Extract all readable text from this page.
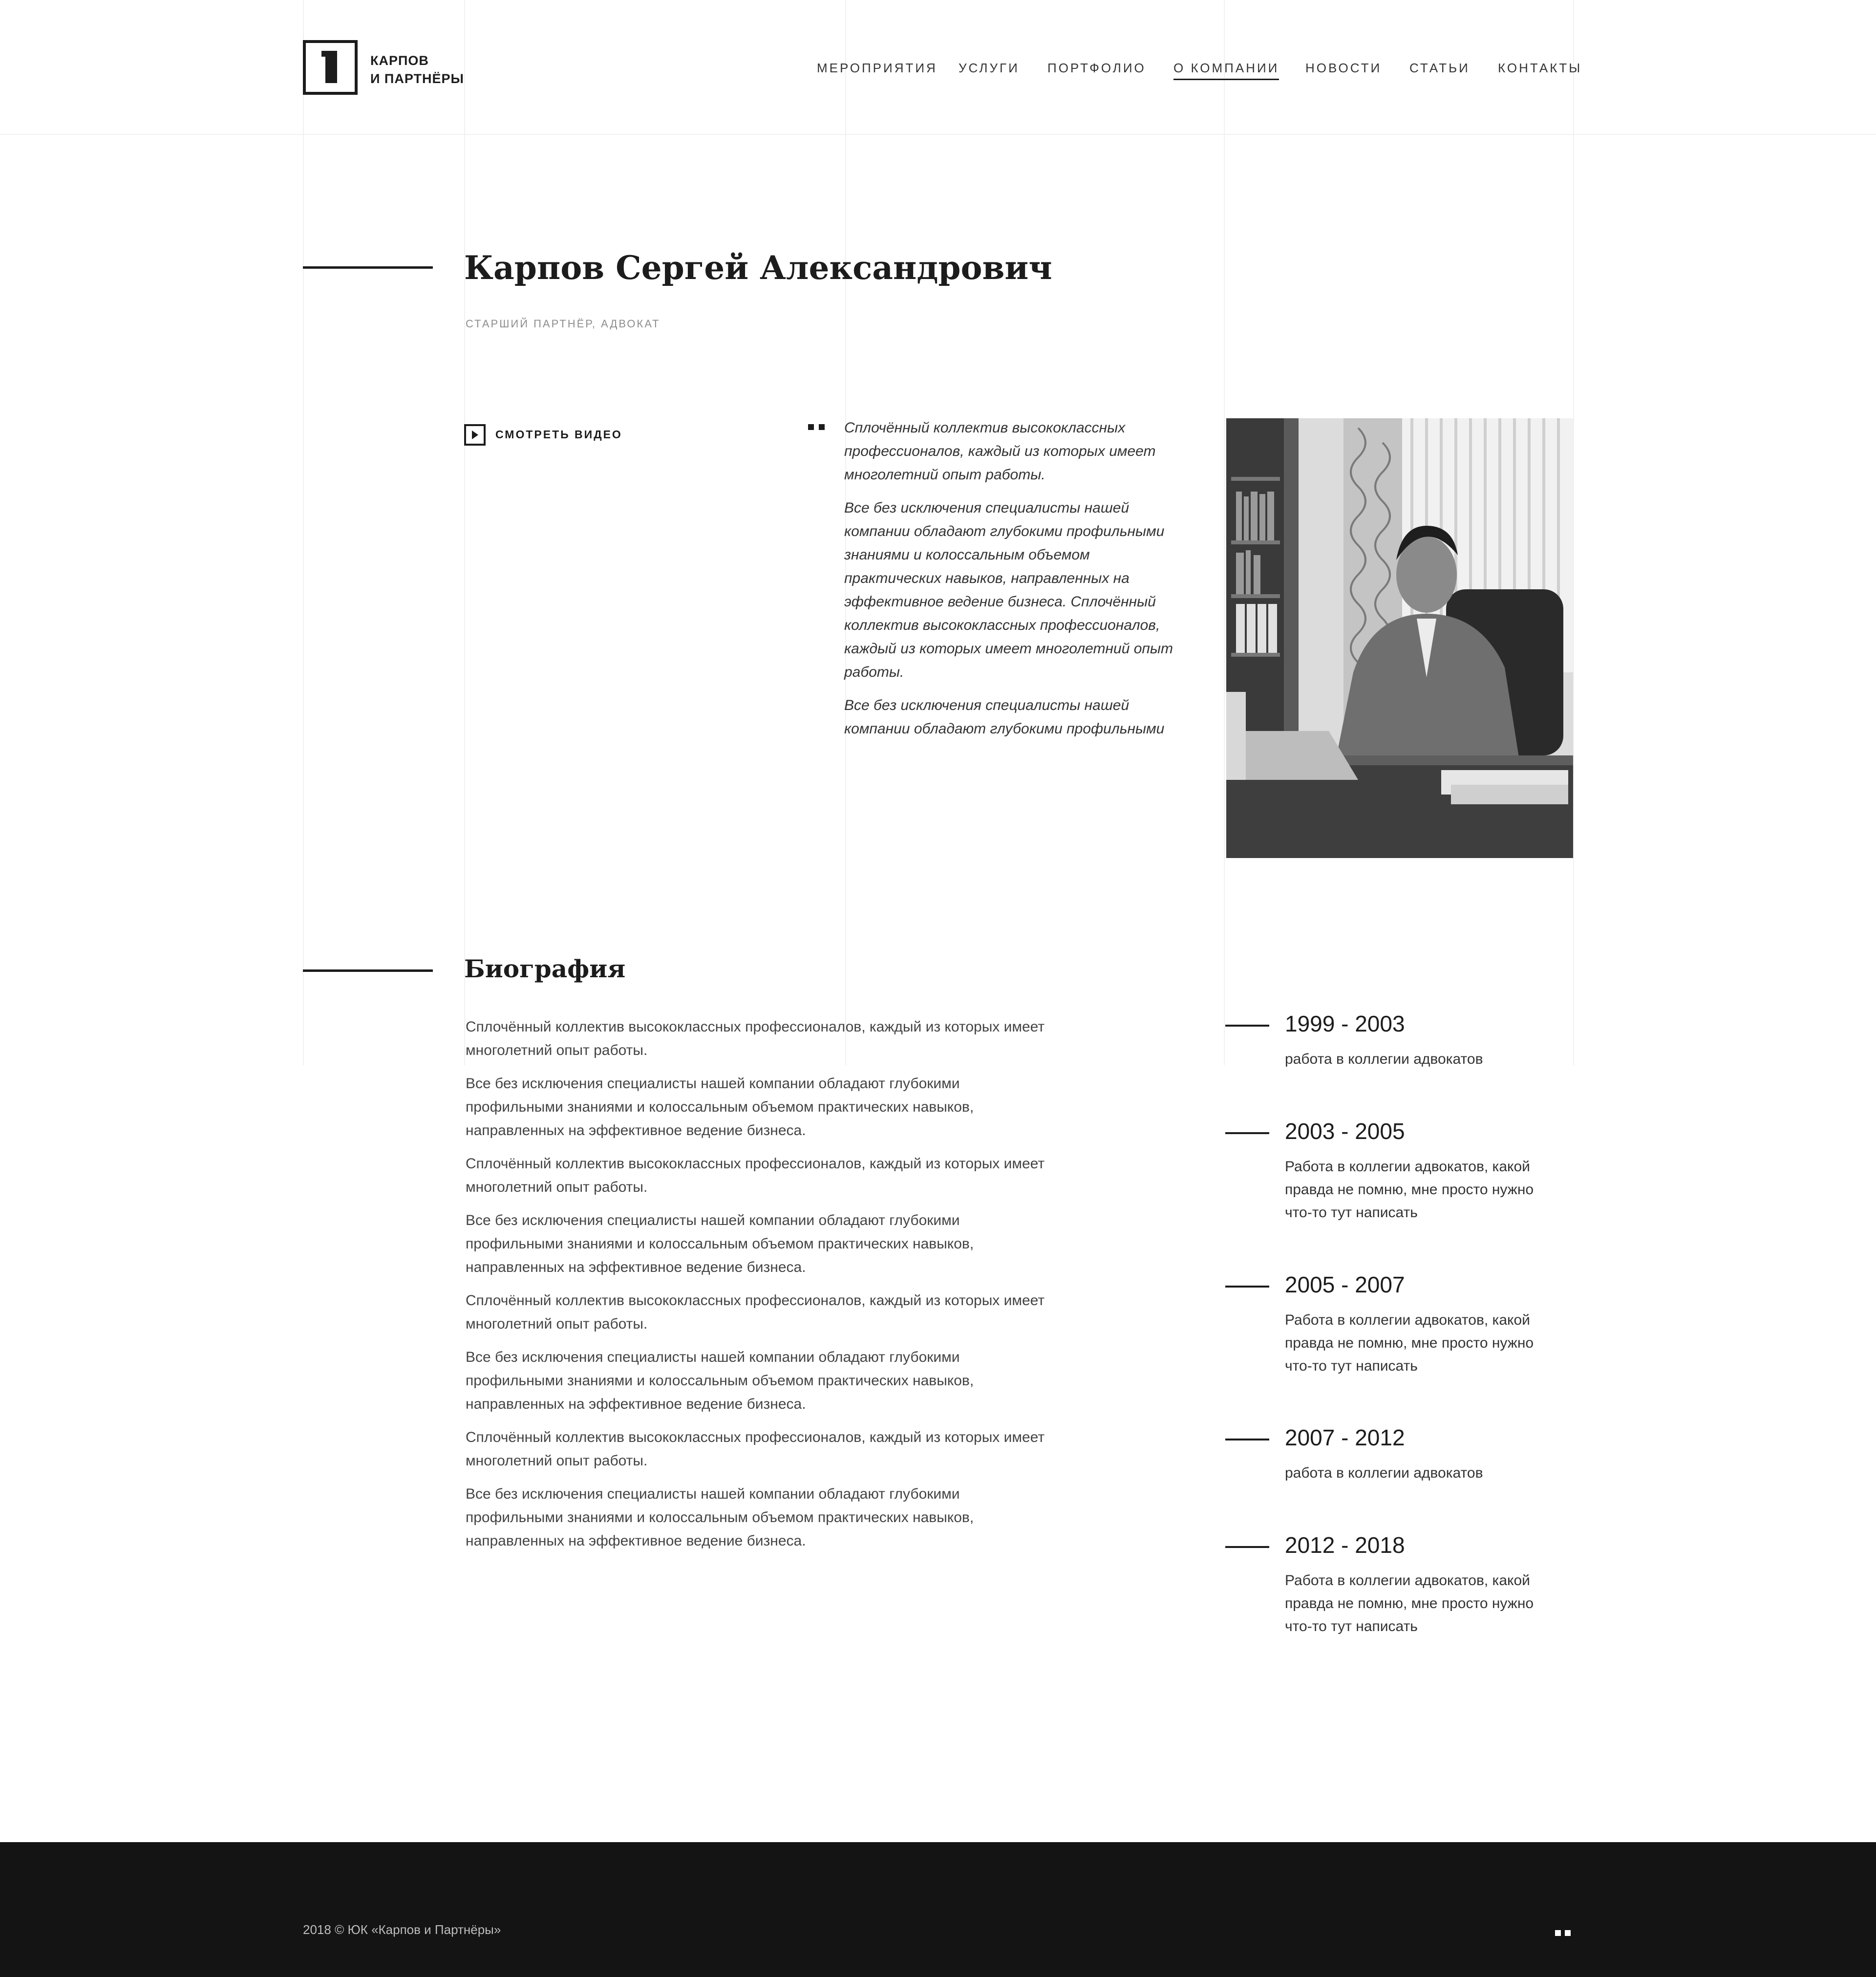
КАРПОВ
И ПАРТНЁРЫ
МЕРОПРИЯТИЯ УСЛУГИ ПОРТФОЛИО О КОМПАНИИ НОВОСТИ СТАТЬИ КОНТАКТЫ
Карпов Сергей Александрович
СТАРШИЙ ПАРТНЁР, АДВОКАТ
СМОТРЕТЬ ВИДЕО	Сплочённый коллектив высококлассных профессионалов, каждый из которых имеет многолетний опыт работы.

Все без исключения специалисты нашей компании обладают глубокими профильными знаниями и колоссальным объемом практических навыков, направленных на эффективное ведение бизнеса. Сплочённый коллектив высококлассных профессионалов, каждый из которых имеет многолетний опыт работы.

Все без исключения специалисты нашей компании обладают глубокими профильными

Биография

Сплочённый коллектив высококлассных профессионалов, каждый из которых имеет многолетний опыт работы.

Все без исключения специалисты нашей компании обладают глубокими профильными знаниями и колоссальным объемом практических навыков, направленных на эффективное ведение бизнеса.

Сплочённый коллектив высококлассных профессионалов, каждый из которых имеет многолетний опыт работы.

Все без исключения специалисты нашей компании обладают глубокими профильными знаниями и колоссальным объемом практических навыков, направленных на эффективное ведение бизнеса.

Сплочённый коллектив высококлассных профессионалов, каждый из которых имеет многолетний опыт работы.

Все без исключения специалисты нашей компании обладают глубокими профильными знаниями и колоссальным объемом практических навыков, направленных на эффективное ведение бизнеса.

Сплочённый коллектив высококлассных профессионалов, каждый из которых имеет многолетний опыт работы.

Все без исключения специалисты нашей компании обладают глубокими профильными знаниями и колоссальным объемом практических навыков, направленных на эффективное ведение бизнеса.

1999 - 2003
работа в коллегии адвокатов
2003 - 2005
Работа в коллегии адвокатов, какой правда не помню, мне просто нужно что-то тут написать
2005 - 2007
Работа в коллегии адвокатов, какой правда не помню, мне просто нужно что-то тут написать
2007 - 2012
работа в коллегии адвокатов
2012 - 2018
Работа в коллегии адвокатов, какой правда не помню, мне просто нужно что-то тут написать
2018 © ЮК «Карпов и Партнёры»
